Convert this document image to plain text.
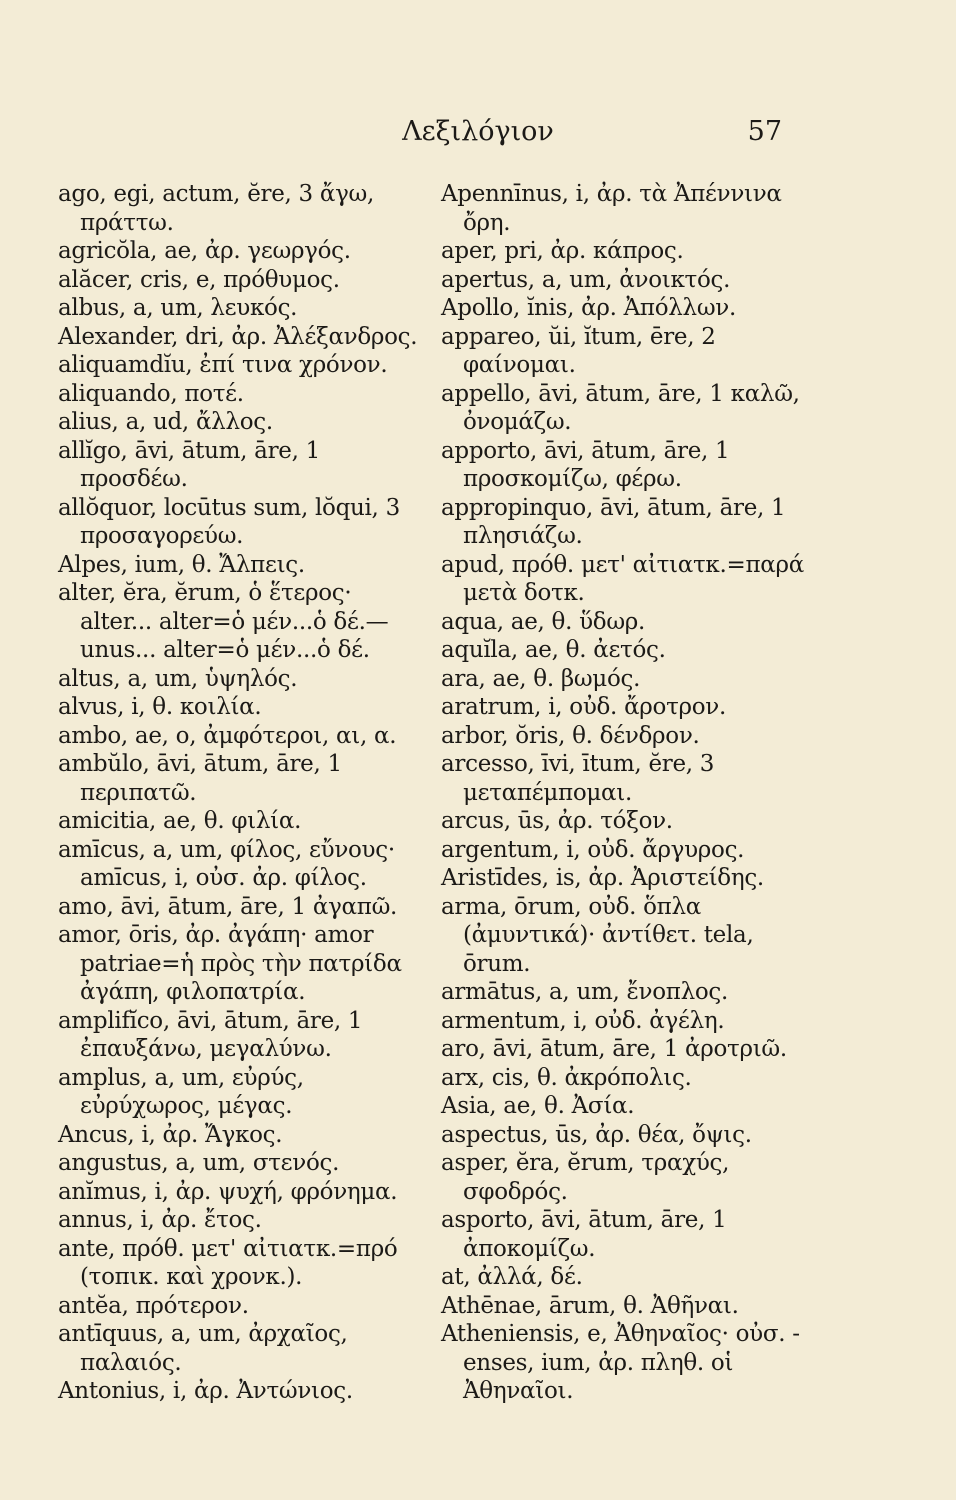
Λεξιλόγιον	57
ago, egi, actum, ĕre, 3 ἄγω, πράττω.
agricŏla, ae, ἀρ. γεωργός.
alăcer, cris, e, πρόθυμος.
albus, a, um, λευκός.
Alexander, dri, ἀρ. Ἀλέξανδρος.
aliquamdĭu, ἐπί τινα χρόνον.
aliquando, ποτέ.
alius, a, ud, ἄλλος.
allĭgo, āvi, ātum, āre, 1 προσδέω.
allŏquor, locūtus sum, lŏqui, 3 προσαγορεύω.
Alpes, ium, θ. Ἄλπεις.
alter, ĕra, ĕrum, ὁ ἕτερος· alter... alter=ὁ μέν...ὁ δέ.— unus... alter=ὁ μέν...ὁ δέ.
altus, a, um, ὑψηλός.
alvus, i, θ. κοιλία.
ambo, ae, o, ἀμφότεροι, αι, α.
ambŭlo, āvi, ātum, āre, 1 περιπατῶ.
amicitia, ae, θ. φιλία.
amīcus, a, um, φίλος, εὔνους· amīcus, i, οὐσ. ἀρ. φίλος.
amo, āvi, ātum, āre, 1 ἀγαπῶ.
amor, ōris, ἀρ. ἀγάπη· amor patriae=ἡ πρὸς τὴν πατρίδα ἀγάπη, φιλοπατρία.
amplifĭco, āvi, ātum, āre, 1 ἐπαυξάνω, μεγαλύνω.
amplus, a, um, εὐρύς, εὐρύχωρος, μέγας.
Ancus, i, ἀρ. Ἄγκος.
angustus, a, um, στενός.
anĭmus, i, ἀρ. ψυχή, φρόνημα.
annus, i, ἀρ. ἔτος.
ante, πρόθ. μετ' αἰτιατκ.=πρό (τοπικ. καὶ χρονκ.).
antĕa, πρότερον.
antīquus, a, um, ἀρχαῖος, παλαιός.
Antonius, i, ἀρ. Ἀντώνιος.
Apennīnus, i, ἀρ. τὰ Ἀπέννινα ὄρη.
aper, pri, ἀρ. κάπρος.
apertus, a, um, ἀνοικτός.
Apollo, ĭnis, ἀρ. Ἀπόλλων.
appareo, ŭi, ĭtum, ēre, 2 φαίνομαι.
appello, āvi, ātum, āre, 1 καλῶ, ὀνομάζω.
apporto, āvi, ātum, āre, 1 προσκομίζω, φέρω.
appropinquo, āvi, ātum, āre, 1 πλησιάζω.
apud, πρόθ. μετ' αἰτιατκ.=παρά μετὰ δοτκ.
aqua, ae, θ. ὕδωρ.
aquĭla, ae, θ. ἀετός.
ara, ae, θ. βωμός.
aratrum, i, οὐδ. ἄροτρον.
arbor, ŏris, θ. δένδρον.
arcesso, īvi, ītum, ĕre, 3 μεταπέμπομαι.
arcus, ūs, ἀρ. τόξον.
argentum, i, οὐδ. ἄργυρος.
Aristīdes, is, ἀρ. Ἀριστείδης.
arma, ōrum, οὐδ. ὅπλα (ἀμυντικά)· ἀντίθετ. tela, ōrum.
armātus, a, um, ἔνοπλος.
armentum, i, οὐδ. ἀγέλη.
aro, āvi, ātum, āre, 1 ἀροτριῶ.
arx, cis, θ. ἀκρόπολις.
Asia, ae, θ. Ἀσία.
aspectus, ūs, ἀρ. θέα, ὄψις.
asper, ĕra, ĕrum, τραχύς, σφοδρός.
asporto, āvi, ātum, āre, 1 ἀποκομίζω.
at, ἀλλά, δέ.
Athēnae, ārum, θ. Ἀθῆναι.
Atheniensis, e, Ἀθηναῖος· οὐσ. -enses, ium, ἀρ. πληθ. οἱ Ἀθηναῖοι.
